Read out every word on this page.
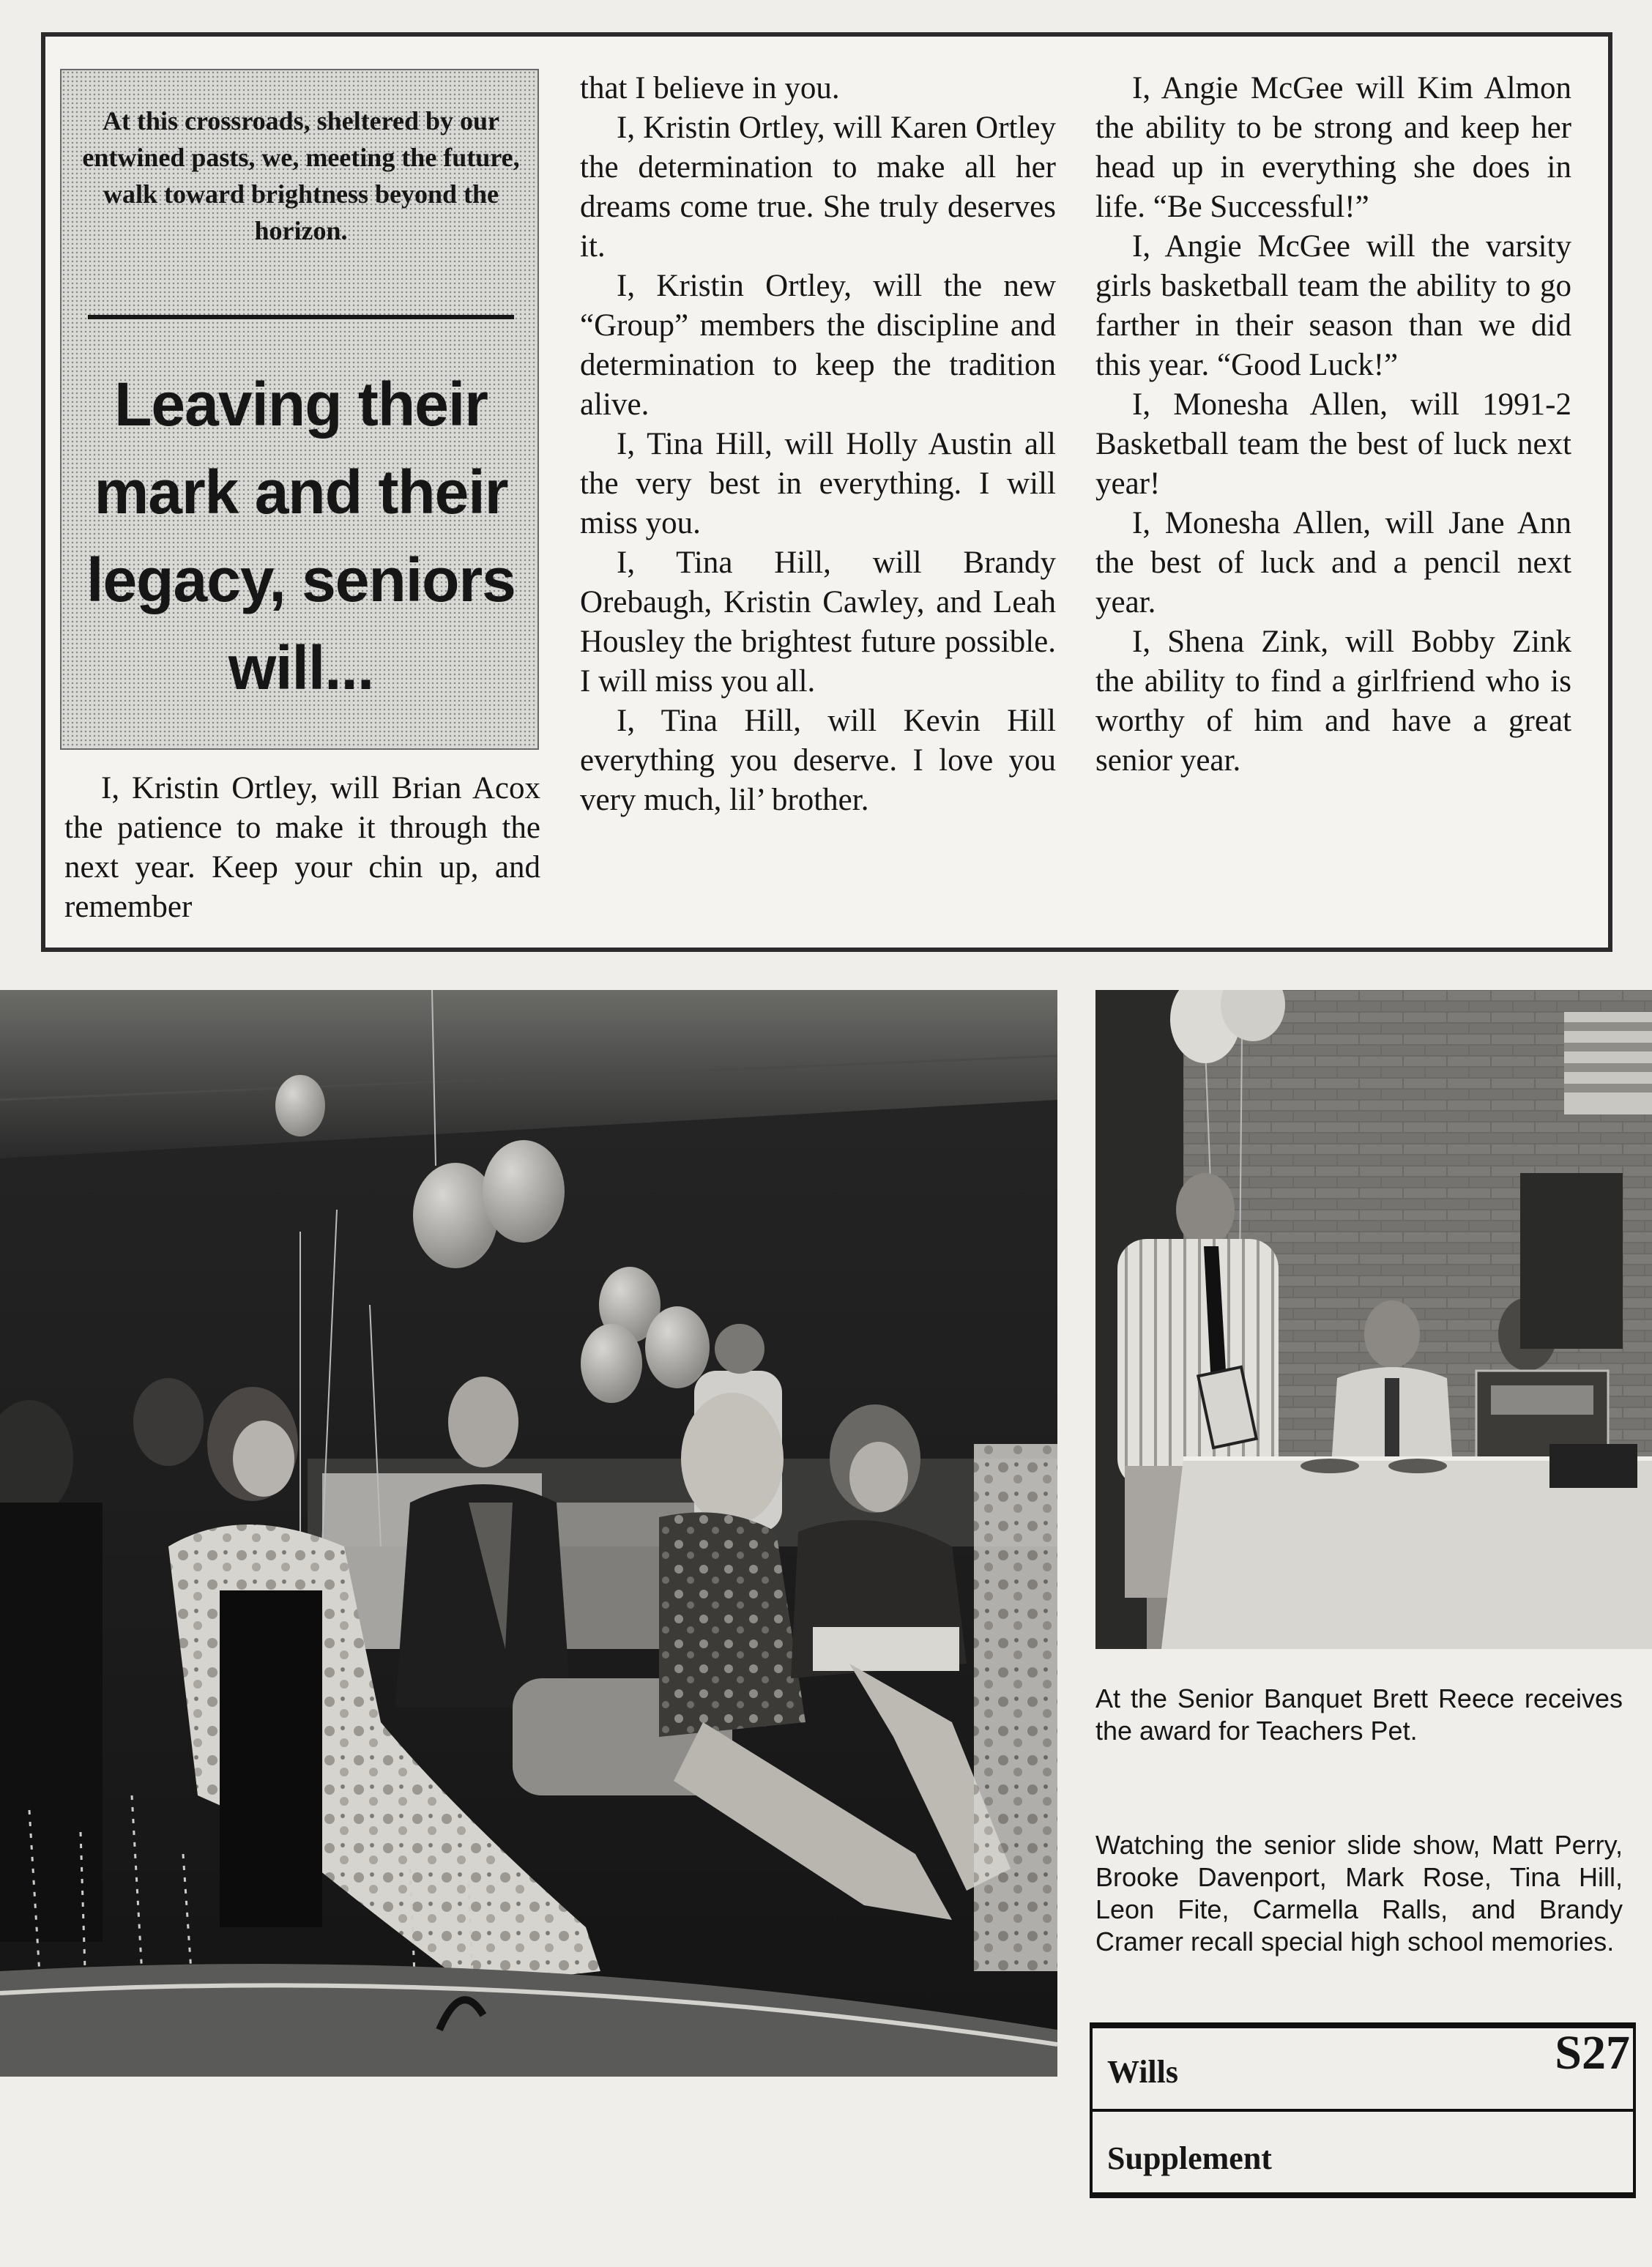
At this crossroads, sheltered by our entwined pasts, we, meeting the future, walk toward brightness beyond the horizon.
Leaving their mark and their legacy, seniors will...

I, Kristin Ortley, will Brian Acox the patience to make it through the next year. Keep your chin up, and remember

that I believe in you.

I, Kristin Ortley, will Karen Ortley the determination to make all her dreams come true. She truly deserves it.

I, Kristin Ortley, will the new “Group” members the discipline and determination to keep the tradition alive.

I, Tina Hill, will Holly Austin all the very best in everything. I will miss you.

I, Tina Hill, will Brandy Orebaugh, Kristin Cawley, and Leah Housley the brightest future possible. I will miss you all.

I, Tina Hill, will Kevin Hill everything you deserve. I love you very much, lil’ brother.

I, Angie McGee will Kim Almon the ability to be strong and keep her head up in everything she does in life. “Be Successful!”

I, Angie McGee will the varsity girls basketball team the ability to go farther in their season than we did this year. “Good Luck!”

I, Monesha Allen, will 1991-2 Basketball team the best of luck next year!

I, Monesha Allen, will Jane Ann the best of luck and a pencil next year.

I, Shena Zink, will Bobby Zink the ability to find a girlfriend who is worthy of him and have a great senior year.

At the Senior Banquet Brett Reece receives the award for Teachers Pet.
Watching the senior slide show, Matt Perry, Brooke Davenport, Mark Rose, Tina Hill, Leon Fite, Carmella Ralls, and Brandy Cramer recall special high school memories.
Wills
Supplement
S27
